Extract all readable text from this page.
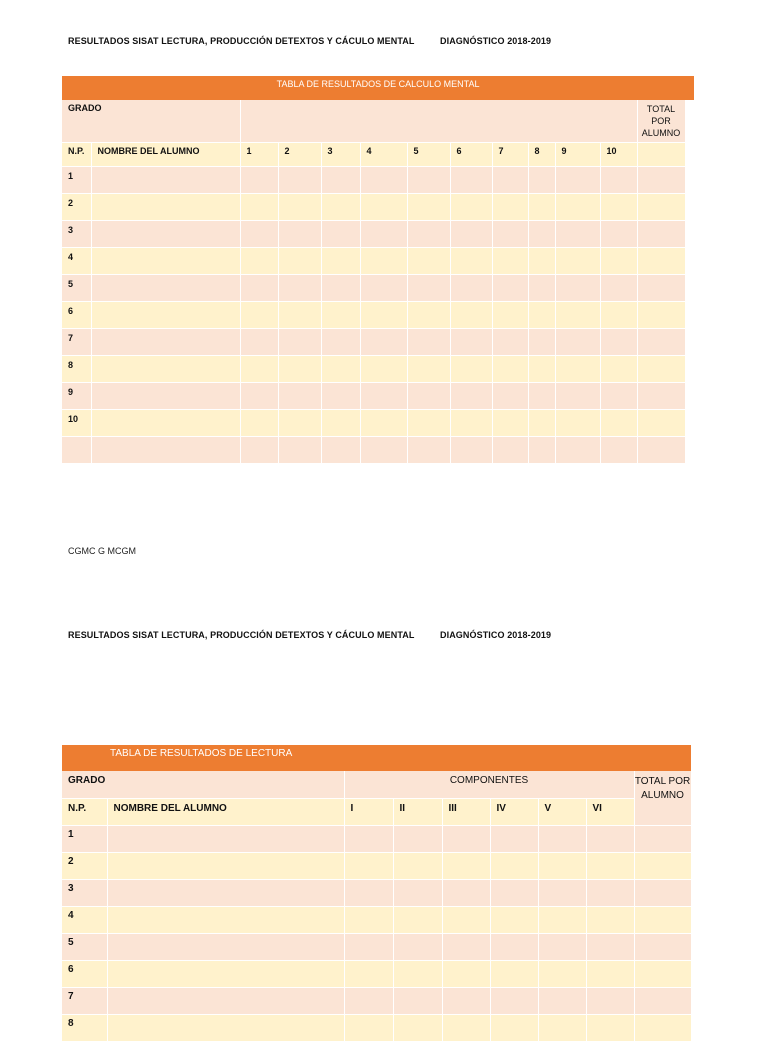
RESULTADOS SISAT LECTURA, PRODUCCIÓN DETEXTOS Y CÁCULO MENTAL	DIAGNÓSTICO 2018-2019
TABLA DE RESULTADOS DE CALCULO MENTAL													
GRADO												TOTAL POR ALUMNO	
N.P.	NOMBRE DEL ALUMNO	1	2	3	4	5	6	7	8	9	10		
1													
2													
3													
4													
5													
6													
7													
8													
9													
10													

CGMC G MCGM
RESULTADOS SISAT LECTURA, PRODUCCIÓN DETEXTOS Y CÁCULO MENTAL	DIAGNÓSTICO 2018-2019
TABLA DE RESULTADOS DE LECTURA								
GRADO		COMPONENTES						TOTAL POR ALUMNO
N.P.	NOMBRE DEL ALUMNO	I	II	III	IV	V	VI	
1								
2								
3								
4								
5								
6								
7								
8								
